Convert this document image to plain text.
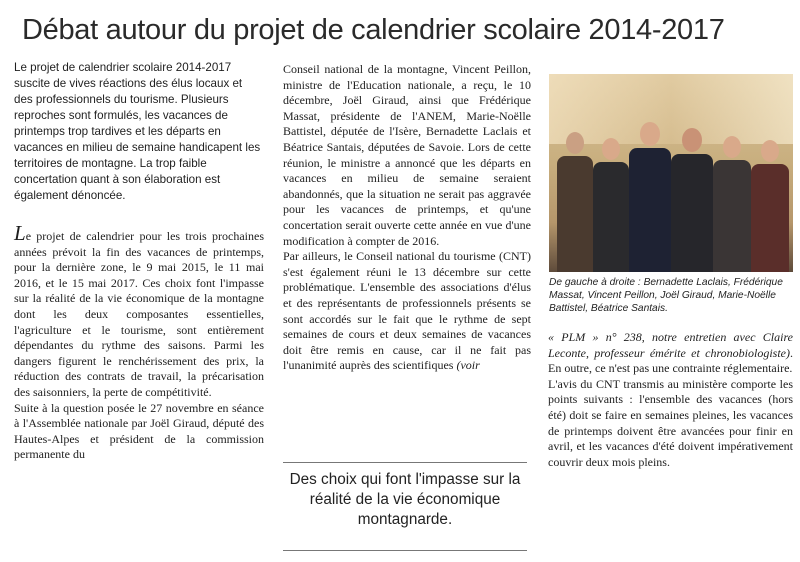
Débat autour du projet de calendrier scolaire 2014-2017
Le projet de calendrier scolaire 2014-2017 suscite de vives réactions des élus locaux et des professionnels du tourisme. Plusieurs reproches sont formulés, les vacances de printemps trop tardives et les départs en vacances en milieu de semaine handicapent les territoires de montagne. La trop faible concertation quant à son élaboration est également dénoncée.

Le projet de calendrier pour les trois prochaines années prévoit la fin des vacances de printemps, pour la dernière zone, le 9 mai 2015, le 11 mai 2016, et le 15 mai 2017. Ces choix font l'impasse sur la réalité de la vie économique de la montagne dont les deux composantes essentielles, l'agriculture et le tourisme, sont entièrement dépendantes du rythme des saisons. Parmi les dangers figurent le renchérissement des prix, la réduction des contrats de travail, la précarisation des saisonniers, la perte de compétitivité.

Suite à la question posée le 27 novembre en séance à l'Assemblée nationale par Joël Giraud, député des Hautes-Alpes et président de la commission permanente du

Conseil national de la montagne, Vincent Peillon, ministre de l'Education nationale, a reçu, le 10 décembre, Joël Giraud, ainsi que Frédérique Massat, présidente de l'ANEM, Marie-Noëlle Battistel, députée de l'Isère, Bernadette Laclais et Béatrice Santais, députées de Savoie. Lors de cette réunion, le ministre a annoncé que les départs en vacances en milieu de semaine seraient abandonnés, que la situation ne serait pas aggravée pour les vacances de printemps, et qu'une concertation serait ouverte cette année en vue d'une modification à compter de 2016.

Par ailleurs, le Conseil national du tourisme (CNT) s'est également réuni le 13 décembre sur cette problématique. L'ensemble des associations d'élus et des représentants de professionnels présents se sont accordés sur le fait que le rythme de sept semaines de cours et deux semaines de vacances doit être remis en cause, car il ne fait pas l'unanimité auprès des scientifiques (voir

Des choix qui font l'impasse sur la réalité de la vie économique montagnarde.
De gauche à droite : Bernadette Laclais, Frédérique Massat, Vincent Peillon, Joël Giraud, Marie-Noëlle Battistel, Béatrice Santais.

« PLM » n° 238, notre entretien avec Claire Leconte, professeur émérite et chronobiologiste). En outre, ce n'est pas une contrainte réglementaire.

L'avis du CNT transmis au ministère comporte les points suivants : l'ensemble des vacances (hors été) doit se faire en semaines pleines, les vacances de printemps doivent être avancées pour finir en avril, et les vacances d'été doivent impérativement couvrir deux mois pleins.
